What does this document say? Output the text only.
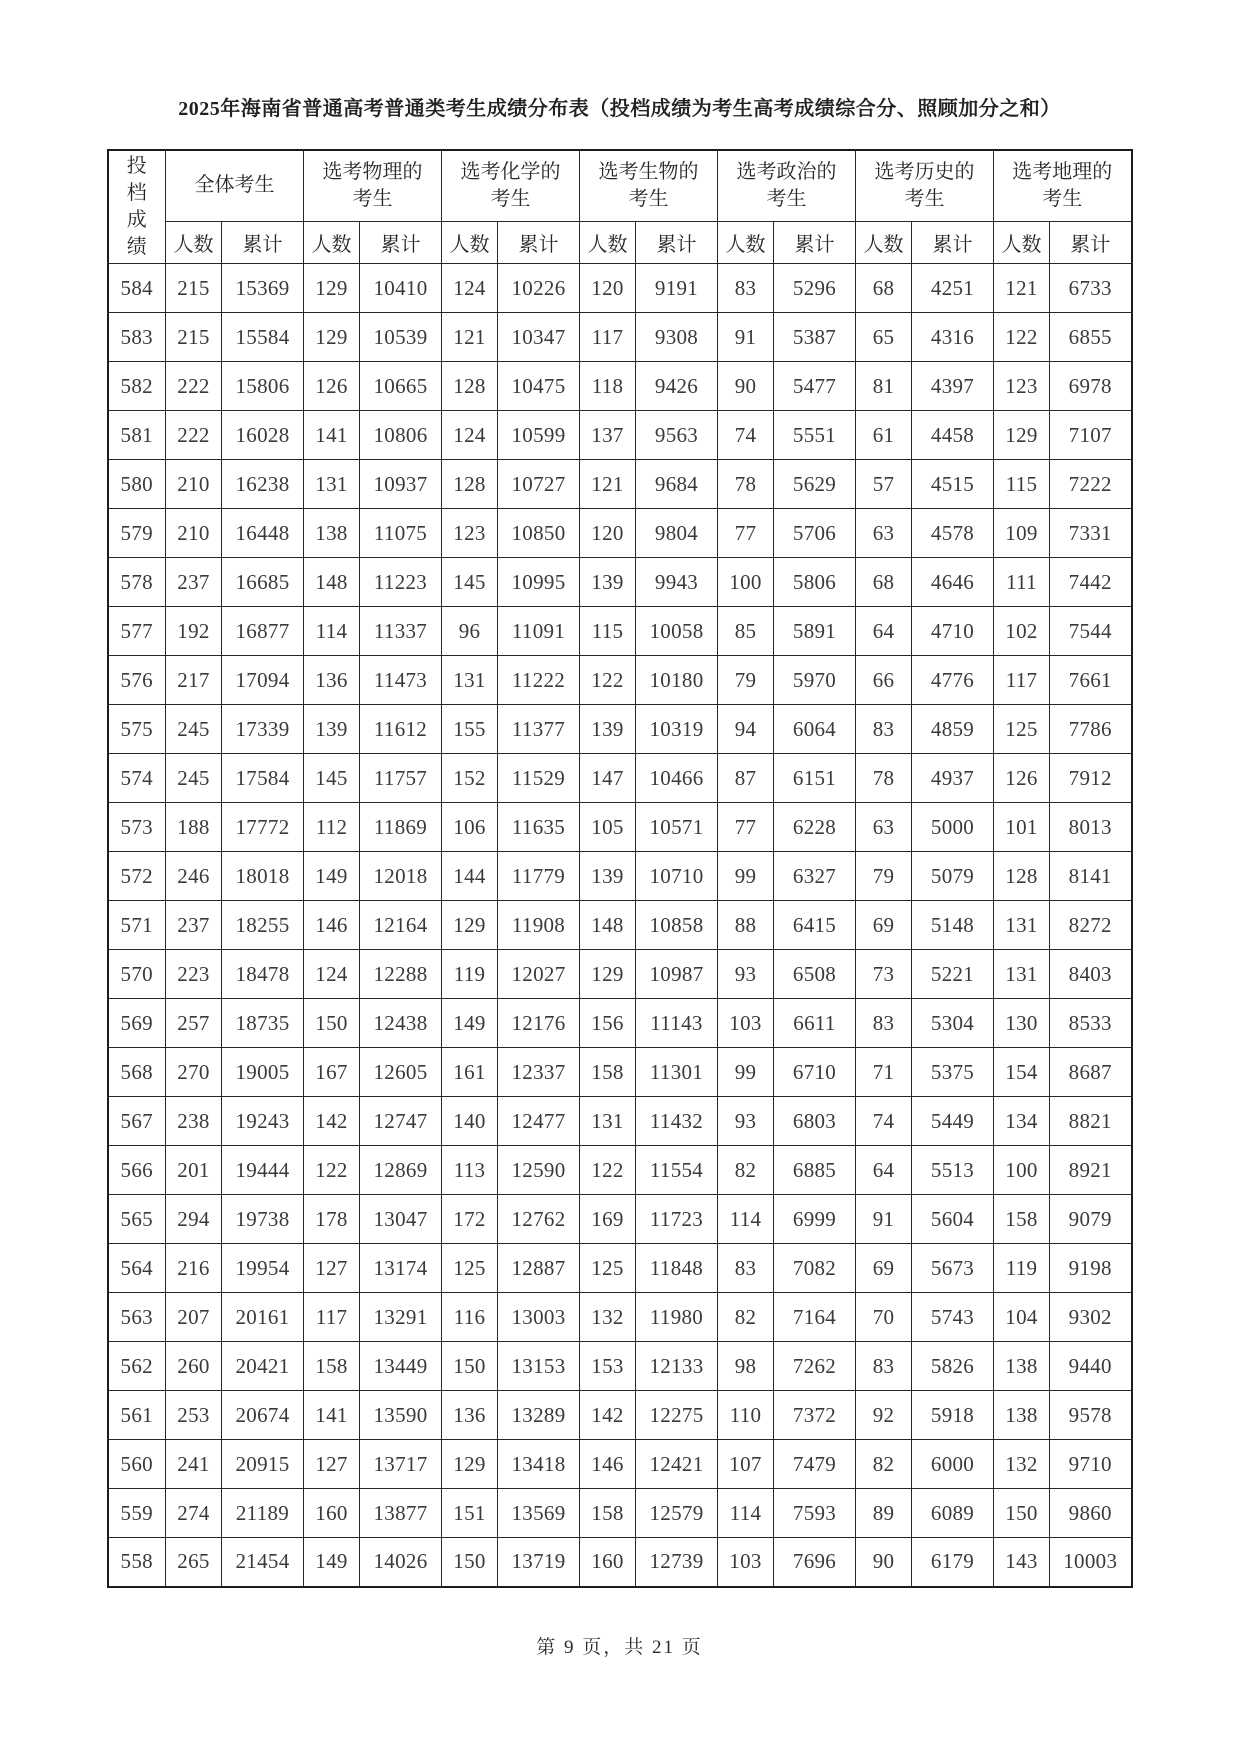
2025年海南省普通高考普通类考生成绩分布表（投档成绩为考生高考成绩综合分、照顾加分之和）
投档成绩	全体考生		选考物理的考生		选考化学的考生		选考生物的考生		选考政治的考生		选考历史的考生		选考地理的考生	
	人数	累计	人数	累计	人数	累计	人数	累计	人数	累计	人数	累计	人数	累计
584	215	15369	129	10410	124	10226	120	9191	83	5296	68	4251	121	6733
583	215	15584	129	10539	121	10347	117	9308	91	5387	65	4316	122	6855
582	222	15806	126	10665	128	10475	118	9426	90	5477	81	4397	123	6978
581	222	16028	141	10806	124	10599	137	9563	74	5551	61	4458	129	7107
580	210	16238	131	10937	128	10727	121	9684	78	5629	57	4515	115	7222
579	210	16448	138	11075	123	10850	120	9804	77	5706	63	4578	109	7331
578	237	16685	148	11223	145	10995	139	9943	100	5806	68	4646	111	7442
577	192	16877	114	11337	96	11091	115	10058	85	5891	64	4710	102	7544
576	217	17094	136	11473	131	11222	122	10180	79	5970	66	4776	117	7661
575	245	17339	139	11612	155	11377	139	10319	94	6064	83	4859	125	7786
574	245	17584	145	11757	152	11529	147	10466	87	6151	78	4937	126	7912
573	188	17772	112	11869	106	11635	105	10571	77	6228	63	5000	101	8013
572	246	18018	149	12018	144	11779	139	10710	99	6327	79	5079	128	8141
571	237	18255	146	12164	129	11908	148	10858	88	6415	69	5148	131	8272
570	223	18478	124	12288	119	12027	129	10987	93	6508	73	5221	131	8403
569	257	18735	150	12438	149	12176	156	11143	103	6611	83	5304	130	8533
568	270	19005	167	12605	161	12337	158	11301	99	6710	71	5375	154	8687
567	238	19243	142	12747	140	12477	131	11432	93	6803	74	5449	134	8821
566	201	19444	122	12869	113	12590	122	11554	82	6885	64	5513	100	8921
565	294	19738	178	13047	172	12762	169	11723	114	6999	91	5604	158	9079
564	216	19954	127	13174	125	12887	125	11848	83	7082	69	5673	119	9198
563	207	20161	117	13291	116	13003	132	11980	82	7164	70	5743	104	9302
562	260	20421	158	13449	150	13153	153	12133	98	7262	83	5826	138	9440
561	253	20674	141	13590	136	13289	142	12275	110	7372	92	5918	138	9578
560	241	20915	127	13717	129	13418	146	12421	107	7479	82	6000	132	9710
559	274	21189	160	13877	151	13569	158	12579	114	7593	89	6089	150	9860
558	265	21454	149	14026	150	13719	160	12739	103	7696	90	6179	143	10003
第 9 页，共 21 页
